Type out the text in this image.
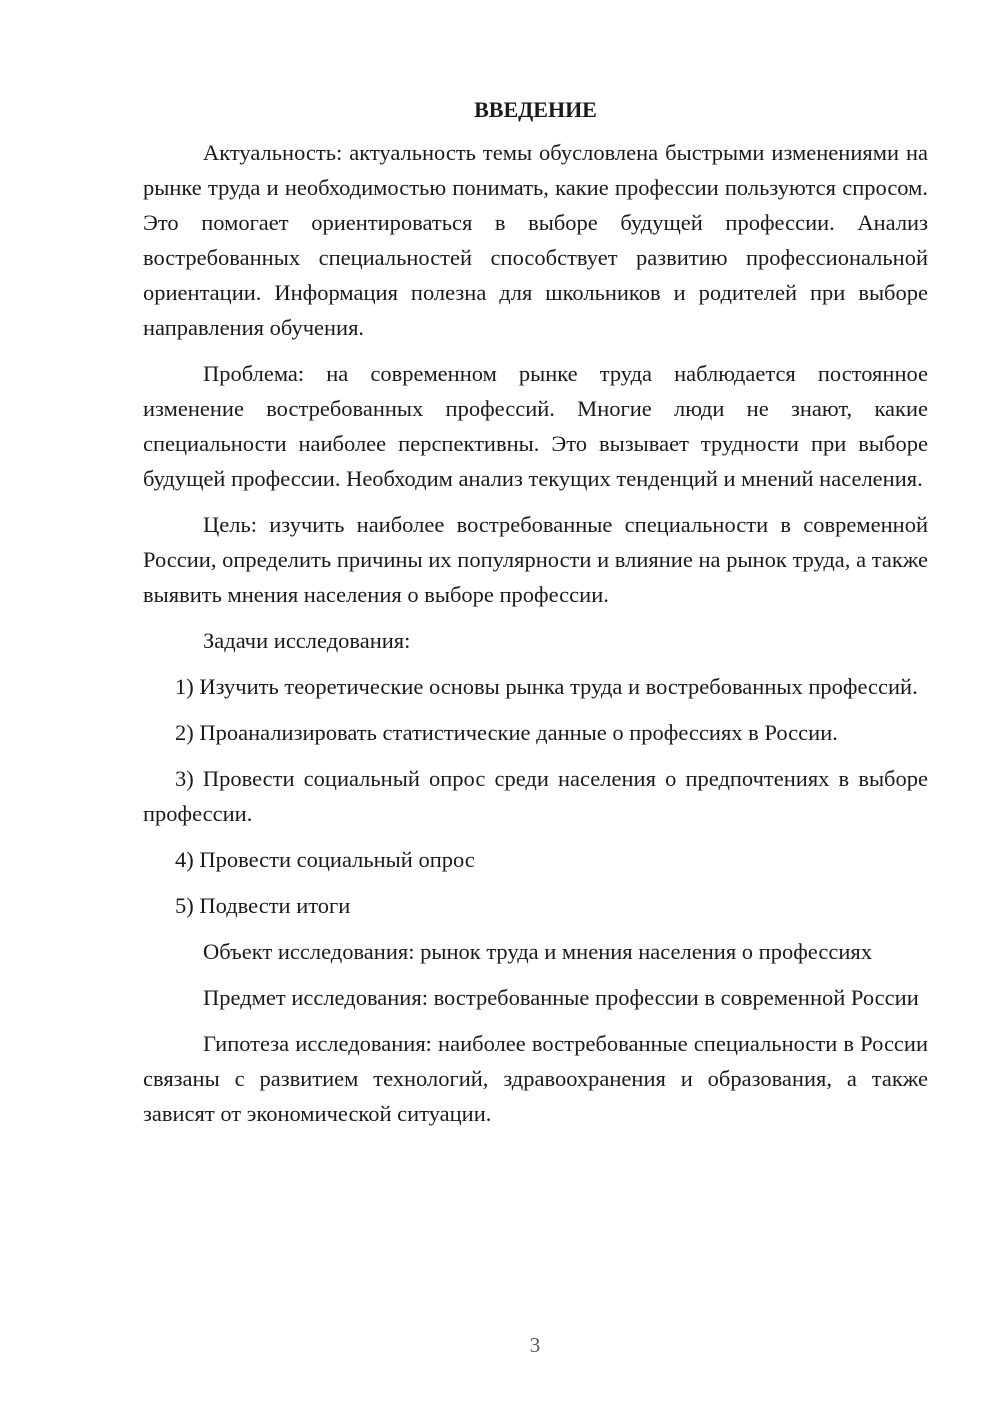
ВВЕДЕНИЕ

Актуальность: актуальность темы обусловлена быстрыми изменениями на рынке труда и необходимостью понимать, какие профессии пользуются спросом. Это помогает ориентироваться в выборе будущей профессии. Анализ востребованных специальностей способствует развитию профессиональной ориентации. Информация полезна для школьников и родителей при выборе направления обучения.

Проблема: на современном рынке труда наблюдается постоянное изменение востребованных профессий. Многие люди не знают, какие специальности наиболее перспективны. Это вызывает трудности при выборе будущей профессии. Необходим анализ текущих тенденций и мнений населения.

Цель: изучить наиболее востребованные специальности в современной России, определить причины их популярности и влияние на рынок труда, а также выявить мнения населения о выборе профессии.

Задачи исследования:

1) Изучить теоретические основы рынка труда и востребованных профессий.

2) Проанализировать статистические данные о профессиях в России.

3) Провести социальный опрос среди населения о предпочтениях в выборе профессии.

4) Провести социальный опрос

5) Подвести итоги

Объект исследования: рынок труда и мнения населения о профессиях

Предмет исследования: востребованные профессии в современной России

Гипотеза исследования: наиболее востребованные специальности в России связаны с развитием технологий, здравоохранения и образования, а также зависят от экономической ситуации.

3
